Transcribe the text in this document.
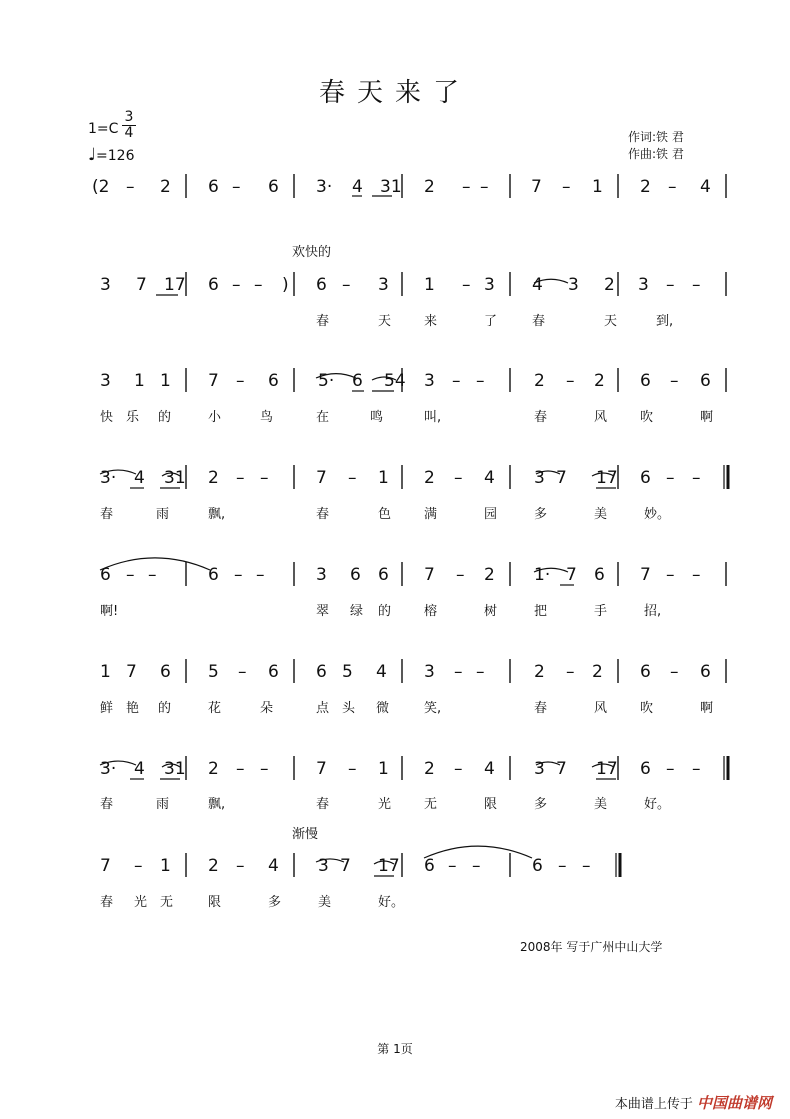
春天来了
1=C
3
4
♩=126
作词:铁 君
作曲:铁 君
(2 – 2 6 – 6 3· 4 31 2 – –	7 – 1 2 – 4
3 7 17 6 – – ) 6 – 3 1 – 3 4 3 2 3 – –
3 1 1 7 – 6 5· 6 54 3 – –	2 – 2 6 – 6
3· 4 31 2 – –	7 – 1 2 – 4 3 7 17 6 – –
6 – –	6 – –	3 6 6 7 – 2 1· 7 6 7 – –
1 7 6 5 – 6 6 5 4 3 – –	2 – 2 6 – 6
3· 4 31 2 – –	7 – 1 2 – 4 3 7 17 6 – –
7 – 1 2 – 4 3 7 17 6 – –	6 – –
春	天	来	了	春	天	到,
快 乐 的	小	鸟	在	鸣	叫,	春	风	吹	啊
春	雨	飘,	春	色	满	园	多	美	妙。
啊!	翠 绿 的	榕	树	把	手	招,
鲜 艳 的	花	朵	点 头 微	笑,	春	风	吹	啊
春	雨	飘,	春	光	无	限	多	美	好。
春 光 无	限	多	美	好。
欢快的
渐慢
2008年 写于广州中山大学
第 1页
本曲谱上传于 中国曲谱网
